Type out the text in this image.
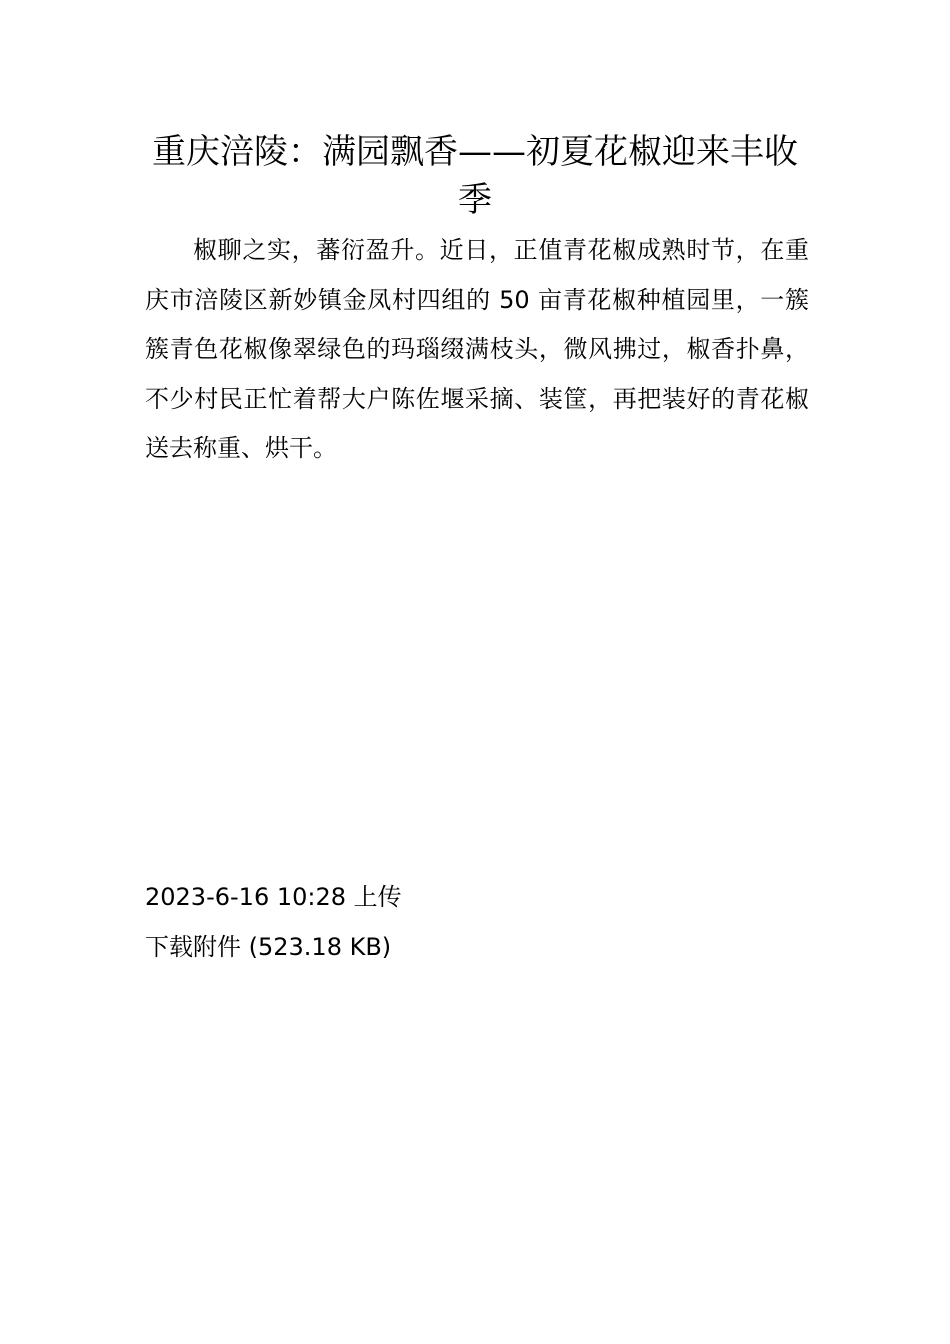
重庆涪陵：满园飘香——初夏花椒迎来丰收季

椒聊之实，蕃衍盈升。近日，正值青花椒成熟时节，在重庆市涪陵区新妙镇金凤村四组的 50 亩青花椒种植园里，一簇簇青色花椒像翠绿色的玛瑙缀满枝头，微风拂过，椒香扑鼻，不少村民正忙着帮大户陈佐堰采摘、装筐，再把装好的青花椒送去称重、烘干。

2023-6-16 10:28 上传
下载附件 (523.18 KB)
